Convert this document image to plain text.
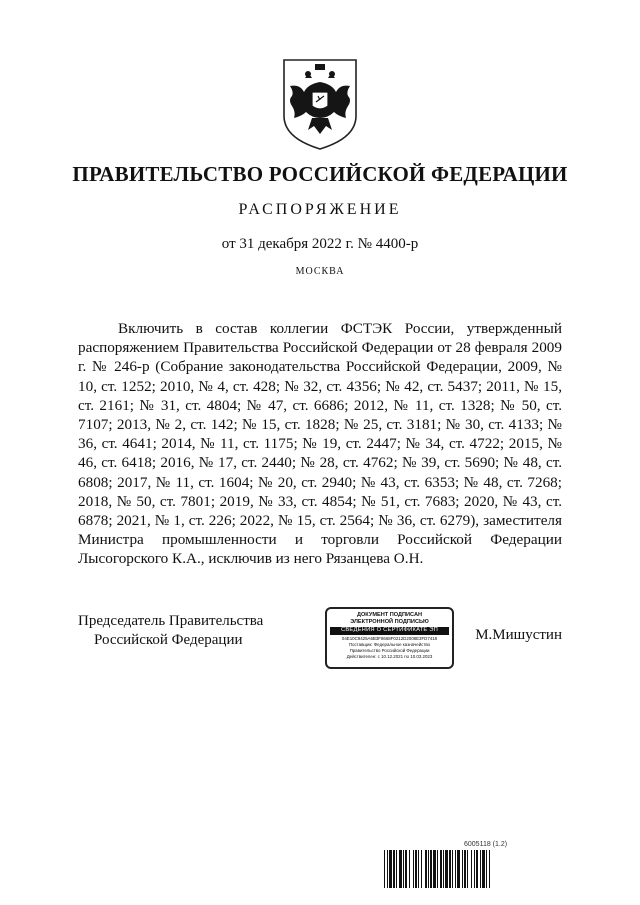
ПРАВИТЕЛЬСТВО РОССИЙСКОЙ ФЕДЕРАЦИИ
РАСПОРЯЖЕНИЕ
от 31 декабря 2022 г. № 4400-р
МОСКВА

Включить в состав коллегии ФСТЭК России, утвержденный распоряжением Правительства Российской Федерации от 28 февраля 2009 г. № 246-р (Собрание законодательства Российской Федерации, 2009, № 10, ст. 1252; 2010, № 4, ст. 428; № 32, ст. 4356; № 42, ст. 5437; 2011, № 15, ст. 2161; № 31, ст. 4804; № 47, ст. 6686; 2012, № 11, ст. 1328; № 50, ст. 7107; 2013, № 2, ст. 142; № 15, ст. 1828; № 25, ст. 3181; № 30, ст. 4133; № 36, ст. 4641; 2014, № 11, ст. 1175; № 19, ст. 2447; № 34, ст. 4722; 2015, № 46, ст. 6418; 2016, № 17, ст. 2440; № 28, ст. 4762; № 39, ст. 5690; № 48, ст. 6808; 2017, № 11, ст. 1604; № 20, ст. 2940; № 43, ст. 6353; № 48, ст. 7268; 2018, № 50, ст. 7801; 2019, № 33, ст. 4854; № 51, ст. 7683; 2020, № 43, ст. 6878; 2021, № 1, ст. 226; 2022, № 15, ст. 2564; № 36, ст. 6279), заместителя Министра промышленности и торговли Российской Федерации Лысогорского К.А., исключив из него Рязанцева О.Н.

Председатель Правительства
Российской Федерации
ДОКУМЕНТ ПОДПИСАН
ЭЛЕКТРОННОЙ ПОДПИСЬЮ
СВЕДЕНИЯ О СЕРТИФИКАТЕ ЭП
04E10C9425A6B3F8668F0212D2008E3FD7418
Поставщик: Федеральное казначейство
Правительство Российской Федерации
Действителен: с 10.12.2021 по 10.03.2023
М.Мишустин
6005118 (1.2)
